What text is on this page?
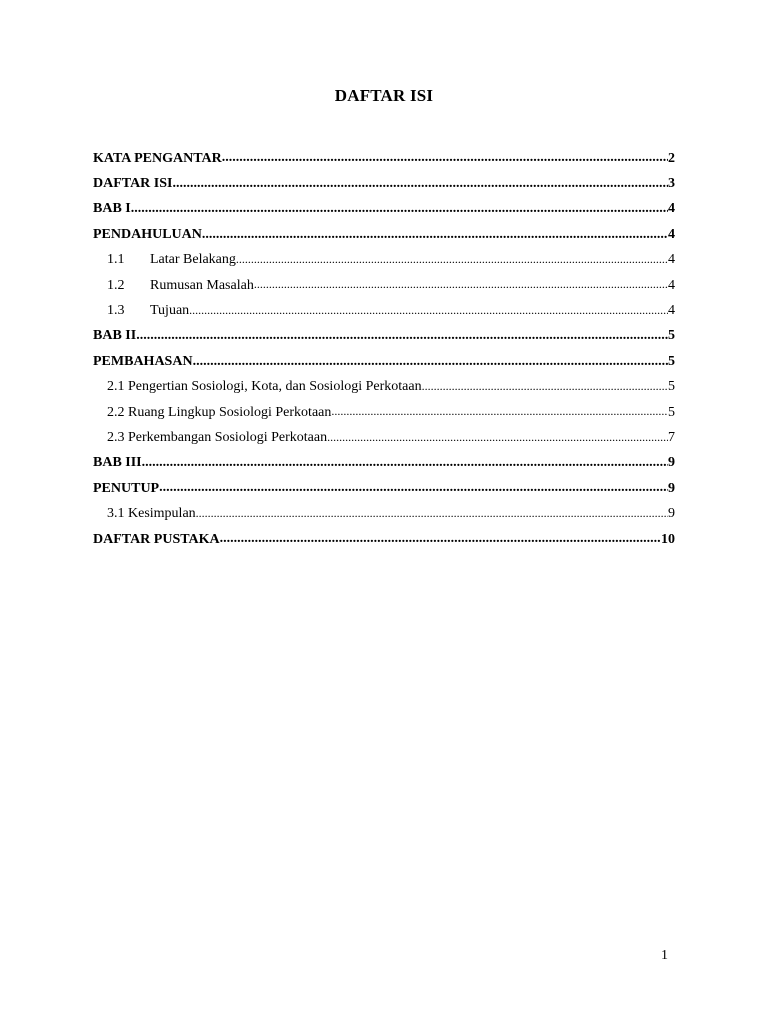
DAFTAR ISI
KATA PENGANTAR .....	2
DAFTAR ISI .....	3
BAB I .....	4
PENDAHULUAN .....	4
1.1	Latar Belakang .....	4
1.2	Rumusan Masalah .....	4
1.3	Tujuan .....	4
BAB II .....	5
PEMBAHASAN .....	5
2.1 Pengertian Sosiologi, Kota, dan Sosiologi Perkotaan .....	5
2.2 Ruang Lingkup Sosiologi Perkotaan .....	5
2.3 Perkembangan Sosiologi Perkotaan .....	7
BAB III .....	9
PENUTUP .....	9
3.1 Kesimpulan .....	9
DAFTAR PUSTAKA .....	10
1
